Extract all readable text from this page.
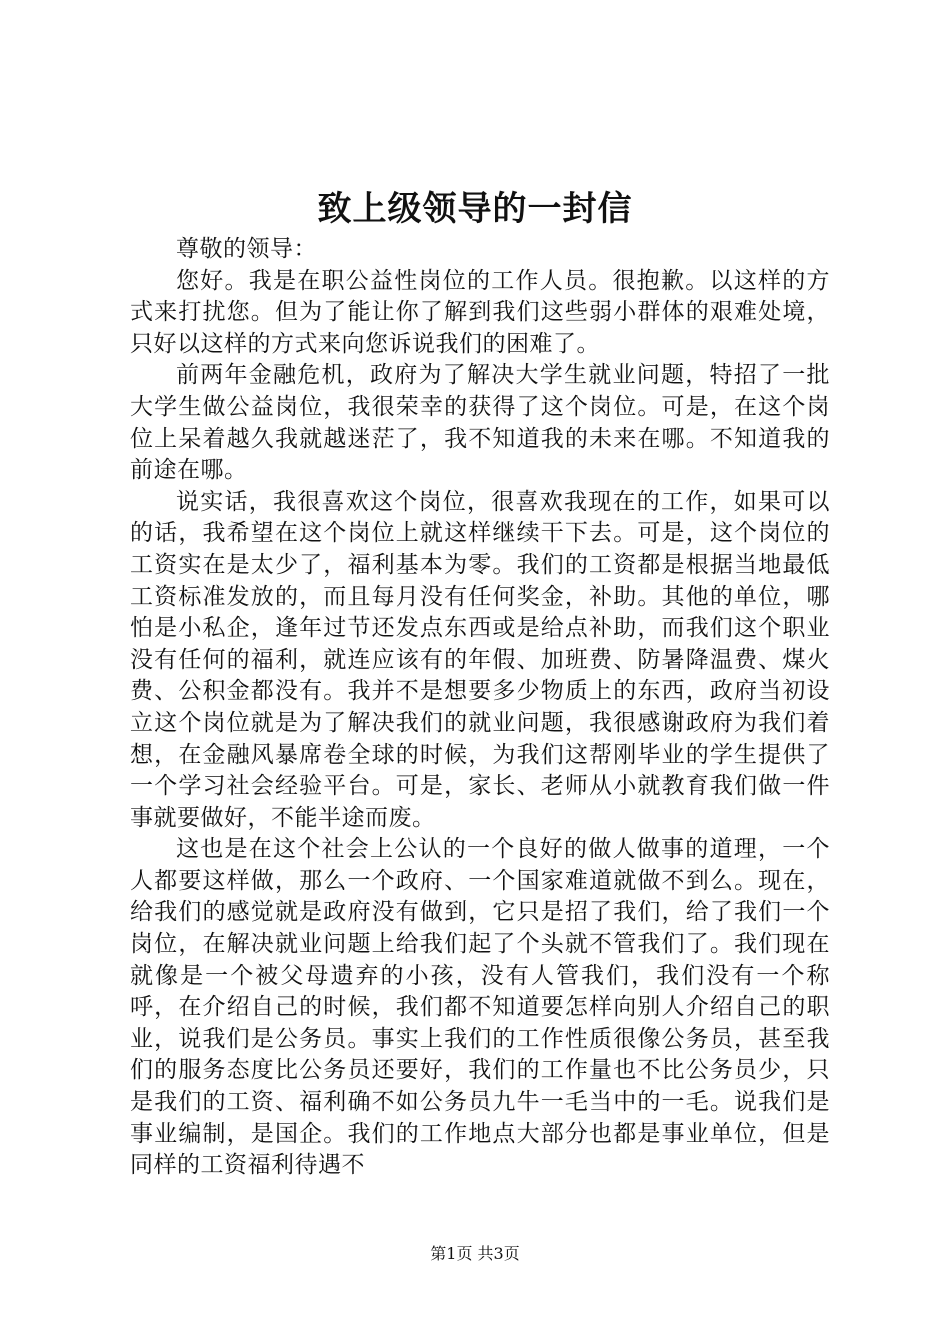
致上级领导的一封信

尊敬的领导：

您好。我是在职公益性岗位的工作人员。很抱歉。以这样的方式来打扰您。但为了能让你了解到我们这些弱小群体的艰难处境，只好以这样的方式来向您诉说我们的困难了。

前两年金融危机，政府为了解决大学生就业问题，特招了一批大学生做公益岗位，我很荣幸的获得了这个岗位。可是，在这个岗位上呆着越久我就越迷茫了，我不知道我的未来在哪。不知道我的前途在哪。

说实话，我很喜欢这个岗位，很喜欢我现在的工作，如果可以的话，我希望在这个岗位上就这样继续干下去。可是，这个岗位的工资实在是太少了，福利基本为零。我们的工资都是根据当地最低工资标准发放的，而且每月没有任何奖金，补助。其他的单位，哪怕是小私企，逢年过节还发点东西或是给点补助，而我们这个职业没有任何的福利，就连应该有的年假、加班费、防暑降温费、煤火费、公积金都没有。我并不是想要多少物质上的东西，政府当初设立这个岗位就是为了解决我们的就业问题，我很感谢政府为我们着想，在金融风暴席卷全球的时候，为我们这帮刚毕业的学生提供了一个学习社会经验平台。可是，家长、老师从小就教育我们做一件事就要做好，不能半途而废。

这也是在这个社会上公认的一个良好的做人做事的道理，一个人都要这样做，那么一个政府、一个国家难道就做不到么。现在，给我们的感觉就是政府没有做到，它只是招了我们，给了我们一个岗位，在解决就业问题上给我们起了个头就不管我们了。我们现在就像是一个被父母遗弃的小孩，没有人管我们，我们没有一个称呼，在介绍自己的时候，我们都不知道要怎样向别人介绍自己的职业，说我们是公务员。事实上我们的工作性质很像公务员，甚至我们的服务态度比公务员还要好，我们的工作量也不比公务员少，只是我们的工资、福利确不如公务员九牛一毛当中的一毛。说我们是事业编制，是国企。我们的工作地点大部分也都是事业单位，但是同样的工资福利待遇不

第1页 共3页
